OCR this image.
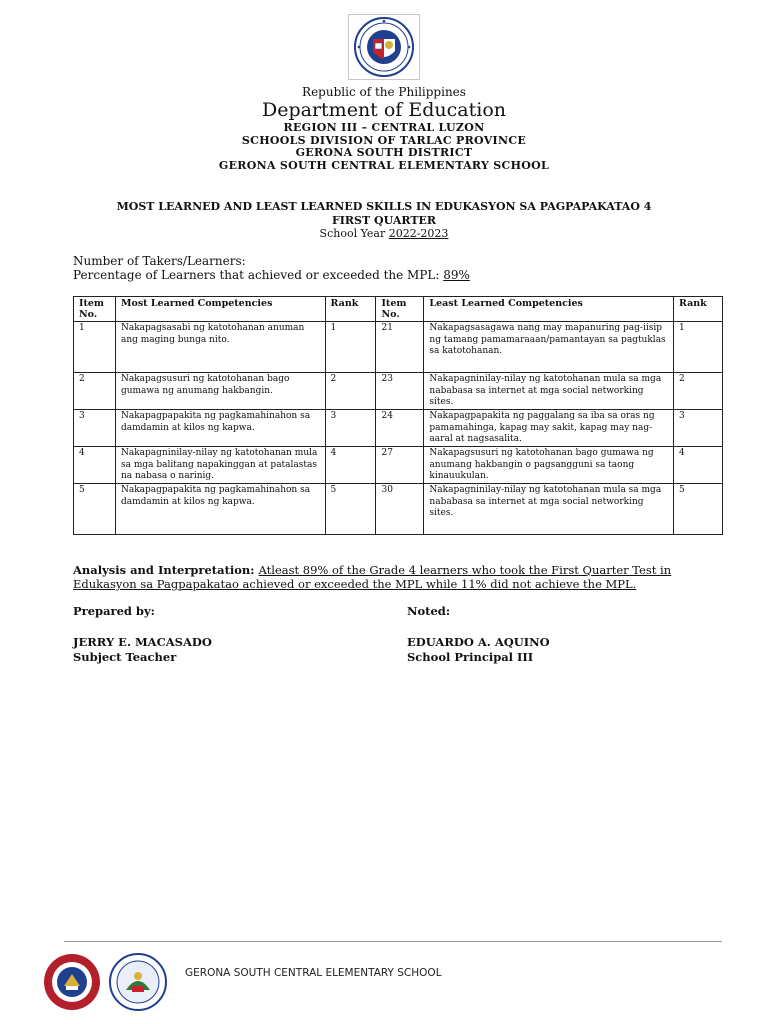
Republic of the Philippines
Department of Education
REGION III – CENTRAL LUZON
SCHOOLS DIVISION OF TARLAC PROVINCE
GERONA SOUTH DISTRICT
GERONA SOUTH CENTRAL ELEMENTARY SCHOOL
MOST LEARNED AND LEAST LEARNED SKILLS IN EDUKASYON SA PAGPAPAKATAO 4
FIRST QUARTER
School Year 2022-2023
Number of Takers/Learners:
Percentage of Learners that achieved or exceeded the MPL: 89%
Item No.	Most Learned Competencies	Rank	Item No.	Least Learned Competencies	Rank
1	Nakapagsasabi ng katotohanan anuman ang maging bunga nito.	1	21	Nakapagsasagawa nang may mapanuring pag-iisip ng tamang pamamaraaan/pamantayan sa pagtuklas sa katotohanan.	1
2	Nakapagsusuri ng katotohanan bago gumawa ng anumang hakbangin.	2	23	Nakapagninilay-nilay ng katotohanan mula sa mga nababasa sa internet at mga social networking sites.	2
3	Nakapagpapakita ng pagkamahinahon sa damdamin at kilos ng kapwa.	3	24	Nakapagpapakita ng paggalang sa iba sa oras ng pamamahinga, kapag may sakit, kapag may nag-aaral at nagsasalita.	3
4	Nakapagninilay-nilay ng katotohanan mula sa mga balitang napakinggan at patalastas na nabasa o narinig.	4	27	Nakapagsusuri ng katotohanan bago gumawa ng anumang hakbangin o pagsangguni sa taong kinauukulan.	4
5	Nakapagpapakita ng pagkamahinahon sa damdamin at kilos ng kapwa.	5	30	Nakapagninilay-nilay ng katotohanan mula sa mga nababasa sa internet at mga social networking sites.	5
Analysis and Interpretation: Atleast 89% of the Grade 4 learners who took the First Quarter Test in Edukasyon sa Pagpapakatao achieved or exceeded the MPL while 11% did not achieve the MPL.
Prepared by:
JERRY E. MACASADO
Subject Teacher
Noted:
EDUARDO A. AQUINO
School Principal III
GERONA SOUTH CENTRAL ELEMENTARY SCHOOL
